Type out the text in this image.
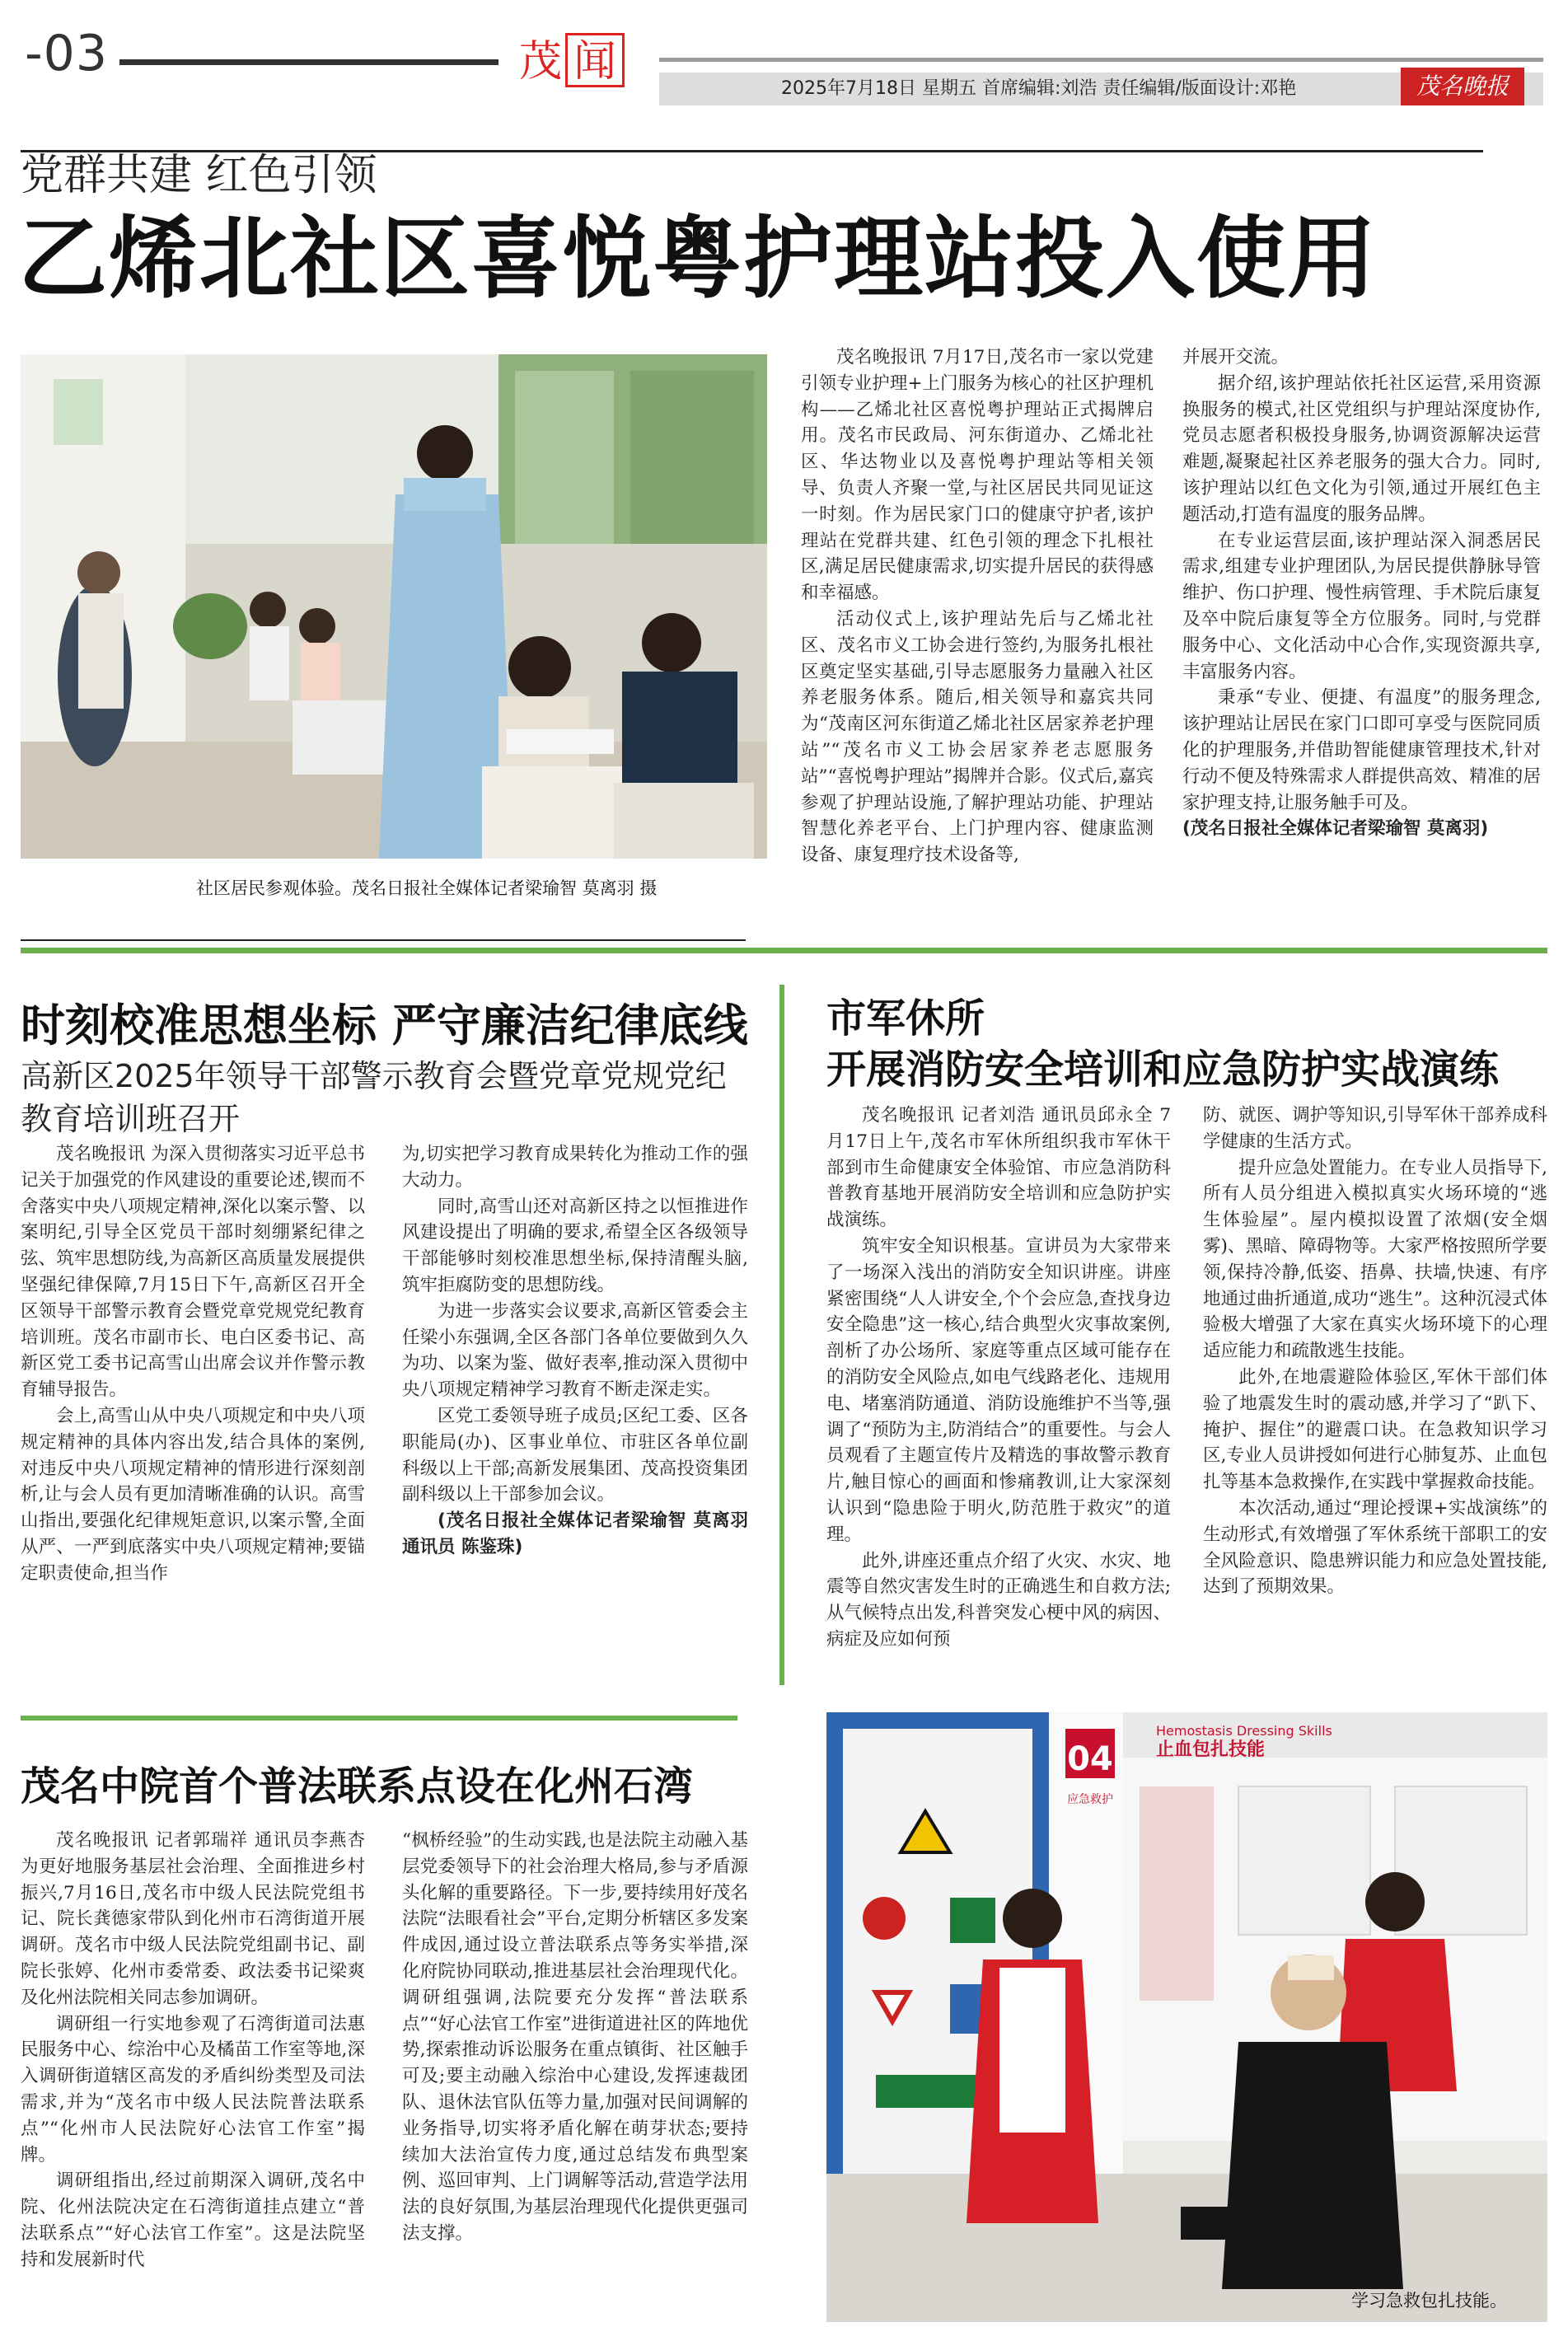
-03	茂 闻
2025年7月18日 星期五 首席编辑:刘浩 责任编辑/版面设计:邓艳	茂名晚报
党群共建 红色引领
乙烯北社区喜悦粤护理站投入使用
社区居民参观体验。茂名日报社全媒体记者梁瑜智 莫离羽 摄

茂名晚报讯 7月17日,茂名市一家以党建引领专业护理+上门服务为核心的社区护理机构——乙烯北社区喜悦粤护理站正式揭牌启用。茂名市民政局、河东街道办、乙烯北社区、华达物业以及喜悦粤护理站等相关领导、负责人齐聚一堂,与社区居民共同见证这一时刻。作为居民家门口的健康守护者,该护理站在党群共建、红色引领的理念下扎根社区,满足居民健康需求,切实提升居民的获得感和幸福感。

活动仪式上,该护理站先后与乙烯北社区、茂名市义工协会进行签约,为服务扎根社区奠定坚实基础,引导志愿服务力量融入社区养老服务体系。随后,相关领导和嘉宾共同为“茂南区河东街道乙烯北社区居家养老护理站”“茂名市义工协会居家养老志愿服务站”“喜悦粤护理站”揭牌并合影。仪式后,嘉宾参观了护理站设施,了解护理站功能、护理站智慧化养老平台、上门护理内容、健康监测设备、康复理疗技术设备等,

并展开交流。

据介绍,该护理站依托社区运营,采用资源换服务的模式,社区党组织与护理站深度协作,党员志愿者积极投身服务,协调资源解决运营难题,凝聚起社区养老服务的强大合力。同时,该护理站以红色文化为引领,通过开展红色主题活动,打造有温度的服务品牌。

在专业运营层面,该护理站深入洞悉居民需求,组建专业护理团队,为居民提供静脉导管维护、伤口护理、慢性病管理、手术院后康复及卒中院后康复等全方位服务。同时,与党群服务中心、文化活动中心合作,实现资源共享,丰富服务内容。

秉承“专业、便捷、有温度”的服务理念,该护理站让居民在家门口即可享受与医院同质化的护理服务,并借助智能健康管理技术,针对行动不便及特殊需求人群提供高效、精准的居家护理支持,让服务触手可及。

(茂名日报社全媒体记者梁瑜智 莫离羽)

时刻校准思想坐标 严守廉洁纪律底线
高新区2025年领导干部警示教育会暨党章党规党纪教育培训班召开

茂名晚报讯 为深入贯彻落实习近平总书记关于加强党的作风建设的重要论述,锲而不舍落实中央八项规定精神,深化以案示警、以案明纪,引导全区党员干部时刻绷紧纪律之弦、筑牢思想防线,为高新区高质量发展提供坚强纪律保障,7月15日下午,高新区召开全区领导干部警示教育会暨党章党规党纪教育培训班。茂名市副市长、电白区委书记、高新区党工委书记高雪山出席会议并作警示教育辅导报告。

会上,高雪山从中央八项规定和中央八项规定精神的具体内容出发,结合具体的案例,对违反中央八项规定精神的情形进行深刻剖析,让与会人员有更加清晰准确的认识。高雪山指出,要强化纪律规矩意识,以案示警,全面从严、一严到底落实中央八项规定精神;要锚定职责使命,担当作

为,切实把学习教育成果转化为推动工作的强大动力。

同时,高雪山还对高新区持之以恒推进作风建设提出了明确的要求,希望全区各级领导干部能够时刻校准思想坐标,保持清醒头脑,筑牢拒腐防变的思想防线。

为进一步落实会议要求,高新区管委会主任梁小东强调,全区各部门各单位要做到久久为功、以案为鉴、做好表率,推动深入贯彻中央八项规定精神学习教育不断走深走实。

区党工委领导班子成员;区纪工委、区各职能局(办)、区事业单位、市驻区各单位副科级以上干部;高新发展集团、茂高投资集团副科级以上干部参加会议。

(茂名日报社全媒体记者梁瑜智 莫离羽 通讯员 陈鉴珠)

茂名中院首个普法联系点设在化州石湾

茂名晚报讯 记者郭瑞祥 通讯员李燕杏 为更好地服务基层社会治理、全面推进乡村振兴,7月16日,茂名市中级人民法院党组书记、院长龚德家带队到化州市石湾街道开展调研。茂名市中级人民法院党组副书记、副院长张婷、化州市委常委、政法委书记梁爽及化州法院相关同志参加调研。

调研组一行实地参观了石湾街道司法惠民服务中心、综治中心及橘苗工作室等地,深入调研街道辖区高发的矛盾纠纷类型及司法需求,并为“茂名市中级人民法院普法联系点”“化州市人民法院好心法官工作室”揭牌。

调研组指出,经过前期深入调研,茂名中院、化州法院决定在石湾街道挂点建立“普法联系点”“好心法官工作室”。这是法院坚持和发展新时代

“枫桥经验”的生动实践,也是法院主动融入基层党委领导下的社会治理大格局,参与矛盾源头化解的重要路径。下一步,要持续用好茂名法院“法眼看社会”平台,定期分析辖区多发案件成因,通过设立普法联系点等务实举措,深化府院协同联动,推进基层社会治理现代化。调研组强调,法院要充分发挥“普法联系点”“好心法官工作室”进街道进社区的阵地优势,探索推动诉讼服务在重点镇街、社区触手可及;要主动融入综治中心建设,发挥速裁团队、退休法官队伍等力量,加强对民间调解的业务指导,切实将矛盾化解在萌芽状态;要持续加大法治宣传力度,通过总结发布典型案例、巡回审判、上门调解等活动,营造学法用法的良好氛围,为基层治理现代化提供更强司法支撑。

市军休所
开展消防安全培训和应急防护实战演练

茂名晚报讯 记者刘浩 通讯员邱永全 7月17日上午,茂名市军休所组织我市军休干部到市生命健康安全体验馆、市应急消防科普教育基地开展消防安全培训和应急防护实战演练。

筑牢安全知识根基。宣讲员为大家带来了一场深入浅出的消防安全知识讲座。讲座紧密围绕“人人讲安全,个个会应急,查找身边安全隐患”这一核心,结合典型火灾事故案例,剖析了办公场所、家庭等重点区域可能存在的消防安全风险点,如电气线路老化、违规用电、堵塞消防通道、消防设施维护不当等,强调了“预防为主,防消结合”的重要性。与会人员观看了主题宣传片及精选的事故警示教育片,触目惊心的画面和惨痛教训,让大家深刻认识到“隐患险于明火,防范胜于救灾”的道理。

此外,讲座还重点介绍了火灾、水灾、地震等自然灾害发生时的正确逃生和自救方法;从气候特点出发,科普突发心梗中风的病因、病症及应如何预

防、就医、调护等知识,引导军休干部养成科学健康的生活方式。

提升应急处置能力。在专业人员指导下,所有人员分组进入模拟真实火场环境的“逃生体验屋”。屋内模拟设置了浓烟(安全烟雾)、黑暗、障碍物等。大家严格按照所学要领,保持冷静,低姿、捂鼻、扶墙,快速、有序地通过曲折通道,成功“逃生”。这种沉浸式体验极大增强了大家在真实火场环境下的心理适应能力和疏散逃生技能。

此外,在地震避险体验区,军休干部们体验了地震发生时的震动感,并学习了“趴下、掩护、握住”的避震口诀。在急救知识学习区,专业人员讲授如何进行心肺复苏、止血包扎等基本急救操作,在实践中掌握救命技能。

本次活动,通过“理论授课+实战演练”的生动形式,有效增强了军休系统干部职工的安全风险意识、隐患辨识能力和应急处置技能,达到了预期效果。

04
应急救护
Hemostasis Dressing Skills
止血包扎技能
学习急救包扎技能。
